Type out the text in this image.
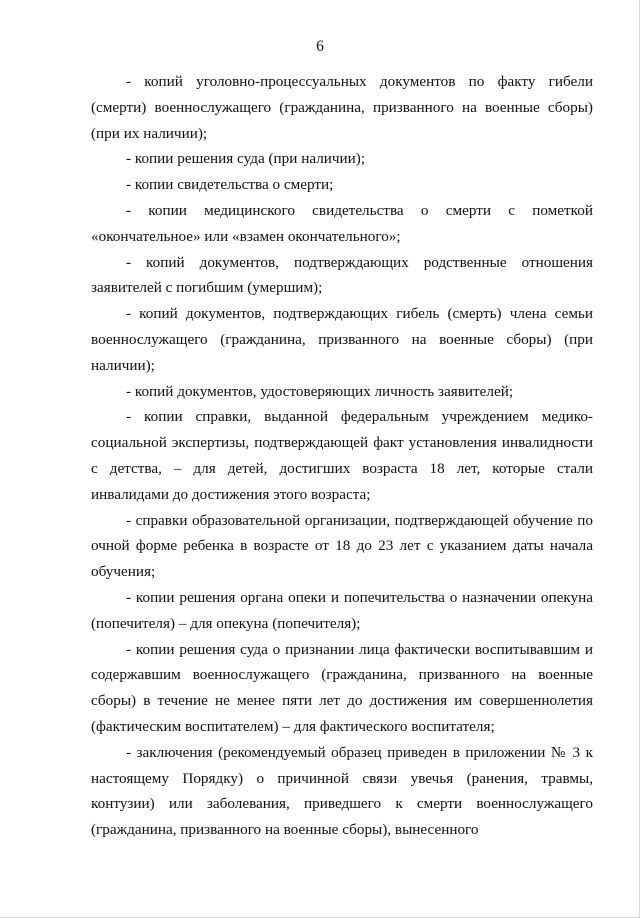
6

- копий уголовно-процессуальных документов по факту гибели (смерти) военнослужащего (гражданина, призванного на военные сборы) (при их наличии);

- копии решения суда (при наличии);

- копии свидетельства о смерти;

- копии медицинского свидетельства о смерти с пометкой «окончательное» или «взамен окончательного»;

- копий документов, подтверждающих родственные отношения заявителей с погибшим (умершим);

- копий документов, подтверждающих гибель (смерть) члена семьи военнослужащего (гражданина, призванного на военные сборы) (при наличии);

- копий документов, удостоверяющих личность заявителей;

- копии справки, выданной федеральным учреждением медико-социальной экспертизы, подтверждающей факт установления инвалидности с детства, – для детей, достигших возраста 18 лет, которые стали инвалидами до достижения этого возраста;

- справки образовательной организации, подтверждающей обучение по очной форме ребенка в возрасте от 18 до 23 лет с указанием даты начала обучения;

- копии решения органа опеки и попечительства о назначении опекуна (попечителя) – для опекуна (попечителя);

- копии решения суда о признании лица фактически воспитывавшим и содержавшим военнослужащего (гражданина, призванного на военные сборы) в течение не менее пяти лет до достижения им совершеннолетия (фактическим воспитателем) – для фактического воспитателя;

- заключения (рекомендуемый образец приведен в приложении № 3 к настоящему Порядку) о причинной связи увечья (ранения, травмы, контузии) или заболевания, приведшего к смерти военнослужащего (гражданина, призванного на военные сборы), вынесенного
